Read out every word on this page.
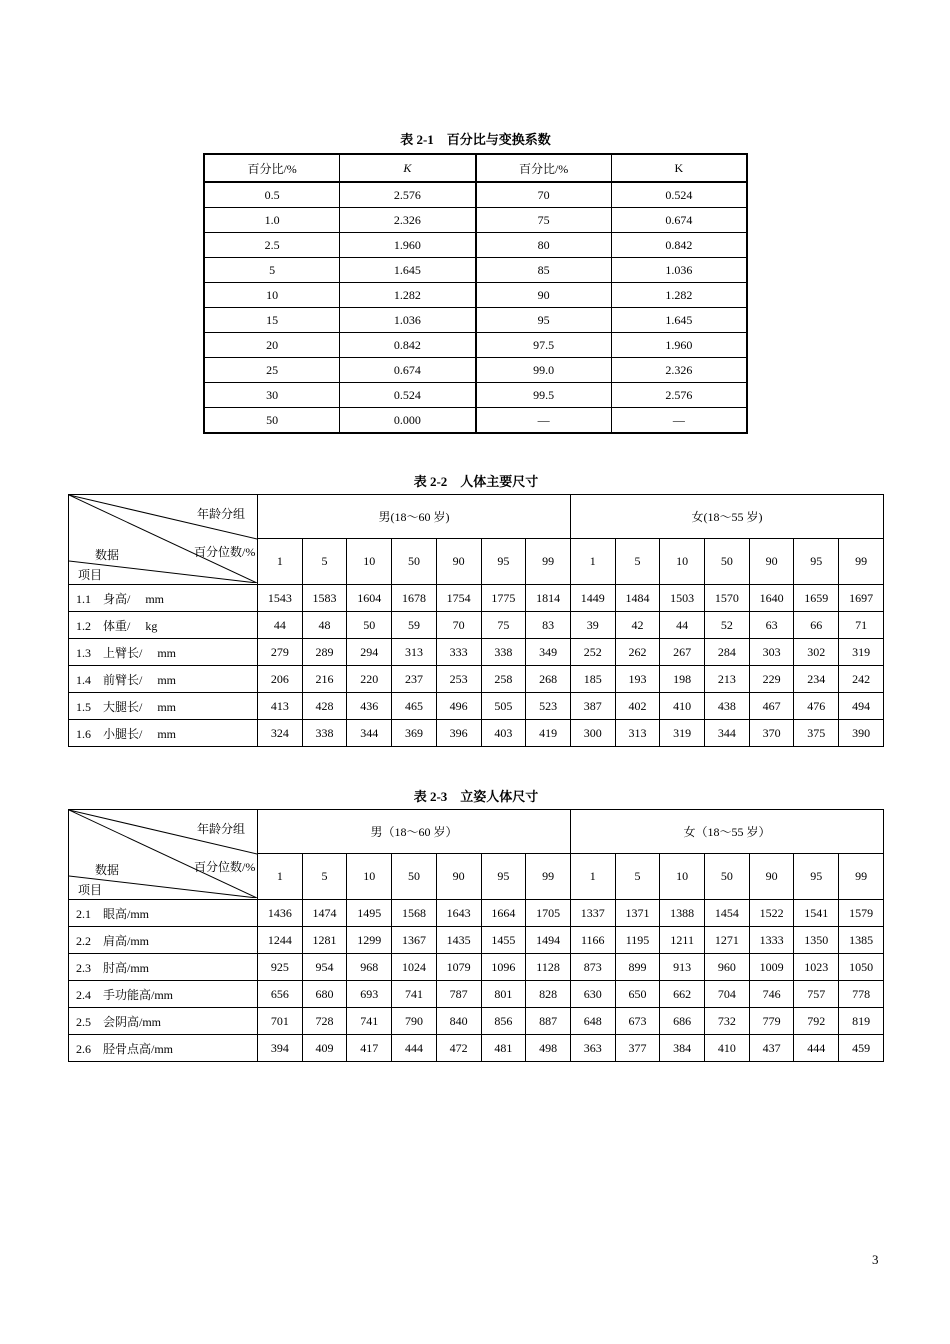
表 2-1　百分比与变换系数
百分比/%	K	百分比/%	K
0.5	2.576	70	0.524
1.0	2.326	75	0.674
2.5	1.960	80	0.842
5	1.645	85	1.036
10	1.282	90	1.282
15	1.036	95	1.645
20	0.842	97.5	1.960
25	0.674	99.0	2.326
30	0.524	99.5	2.576
50	0.000	—	—
表 2-2　人体主要尺寸
年龄分组
百分位数/%
数据
项目	男(18～60 岁)							女(18～55 岁)						
	1	5	10	50	90	95	99	1	5	10	50	90	95	99
1.1　身高/　 mm	1543	1583	1604	1678	1754	1775	1814	1449	1484	1503	1570	1640	1659	1697
1.2　体重/　 kg	44	48	50	59	70	75	83	39	42	44	52	63	66	71
1.3　上臂长/　 mm	279	289	294	313	333	338	349	252	262	267	284	303	302	319
1.4　前臂长/　 mm	206	216	220	237	253	258	268	185	193	198	213	229	234	242
1.5　大腿长/　 mm	413	428	436	465	496	505	523	387	402	410	438	467	476	494
1.6　小腿长/　 mm	324	338	344	369	396	403	419	300	313	319	344	370	375	390
表 2-3　立姿人体尺寸
年龄分组
百分位数/%
数据
项目	男（18～60 岁）							女（18～55 岁）						
	1	5	10	50	90	95	99	1	5	10	50	90	95	99
2.1　眼高/mm	1436	1474	1495	1568	1643	1664	1705	1337	1371	1388	1454	1522	1541	1579
2.2　肩高/mm	1244	1281	1299	1367	1435	1455	1494	1166	1195	1211	1271	1333	1350	1385
2.3　肘高/mm	925	954	968	1024	1079	1096	1128	873	899	913	960	1009	1023	1050
2.4　手功能高/mm	656	680	693	741	787	801	828	630	650	662	704	746	757	778
2.5　会阴高/mm	701	728	741	790	840	856	887	648	673	686	732	779	792	819
2.6　胫骨点高/mm	394	409	417	444	472	481	498	363	377	384	410	437	444	459
3
